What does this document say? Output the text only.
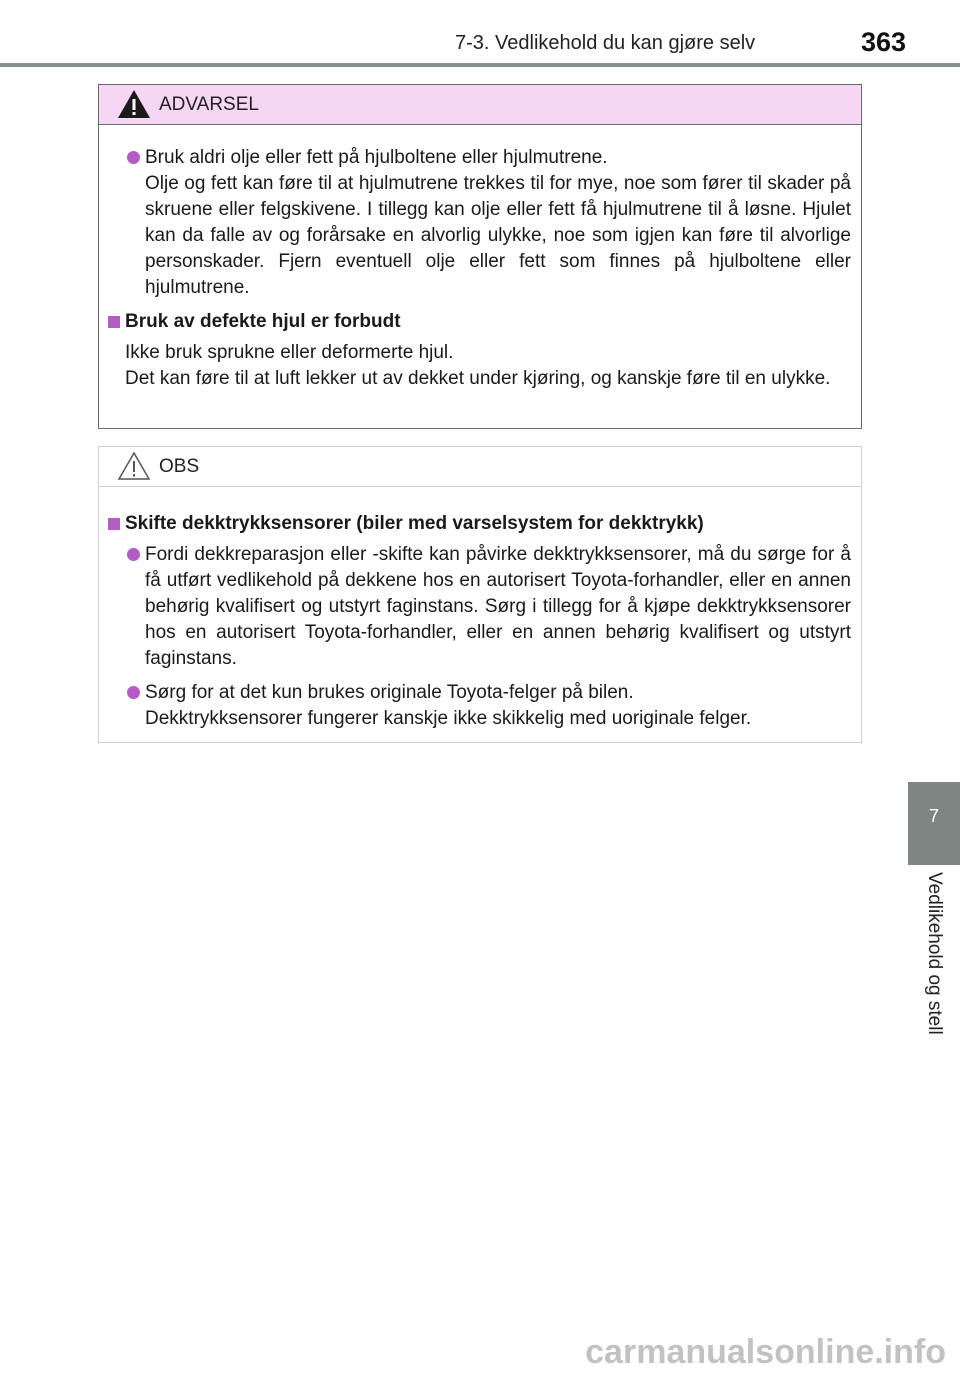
7-3. Vedlikehold du kan gjøre selv	363
ADVARSEL

Bruk aldri olje eller fett på hjulboltene eller hjulmutrene.

Olje og fett kan føre til at hjulmutrene trekkes til for mye, noe som fører til skader på skruene eller felgskivene. I tillegg kan olje eller fett få hjulmutrene til å løsne. Hjulet kan da falle av og forårsake en alvorlig ulykke, noe som igjen kan føre til alvorlige personskader. Fjern eventuell olje eller fett som finnes på hjulboltene eller hjulmutrene.

Bruk av defekte hjul er forbudt

Ikke bruk sprukne eller deformerte hjul.

Det kan føre til at luft lekker ut av dekket under kjøring, og kanskje føre til en ulykke.

OBS
Skifte dekktrykksensorer (biler med varselsystem for dekktrykk)

Fordi dekkreparasjon eller -skifte kan påvirke dekktrykksensorer, må du sørge for å få utført vedlikehold på dekkene hos en autorisert Toyota-forhandler, eller en annen behørig kvalifisert og utstyrt faginstans. Sørg i tillegg for å kjøpe dekktrykksensorer hos en autorisert Toyota-forhandler, eller en annen behørig kvalifisert og utstyrt faginstans.

Sørg for at det kun brukes originale Toyota-felger på bilen.

Dekktrykksensorer fungerer kanskje ikke skikkelig med uoriginale felger.

7
Vedlikehold og stell
carmanualsonline.info
